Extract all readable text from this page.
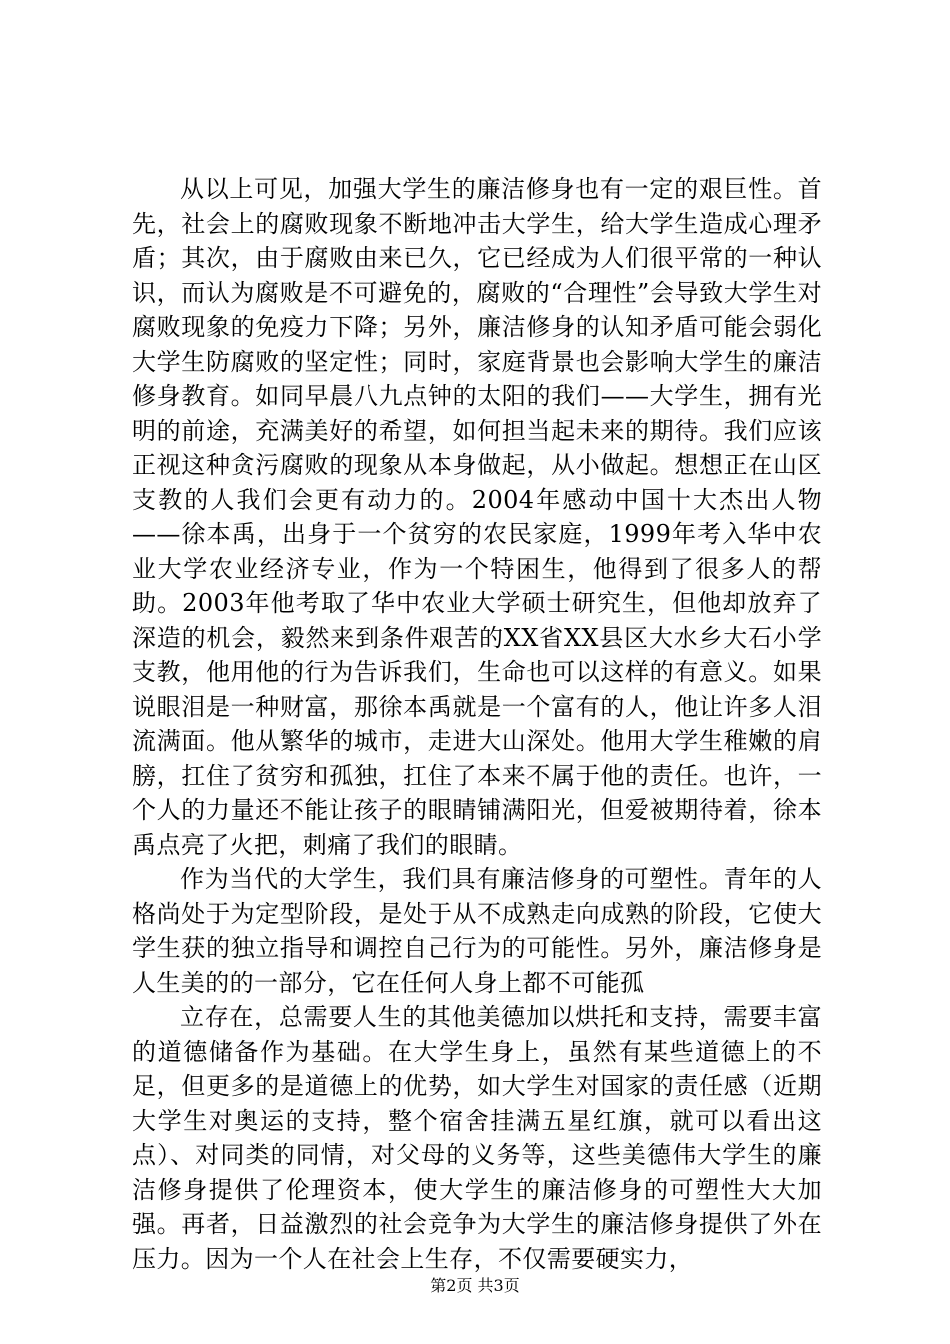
从以上可见，加强大学生的廉洁修身也有一定的艰巨性。首先，社会上的腐败现象不断地冲击大学生，给大学生造成心理矛盾；其次，由于腐败由来已久，它已经成为人们很平常的一种认识，而认为腐败是不可避免的，腐败的“合理性”会导致大学生对腐败现象的免疫力下降；另外，廉洁修身的认知矛盾可能会弱化大学生防腐败的坚定性；同时，家庭背景也会影响大学生的廉洁修身教育。如同早晨八九点钟的太阳的我们——大学生，拥有光明的前途，充满美好的希望，如何担当起未来的期待。我们应该正视这种贪污腐败的现象从本身做起，从小做起。想想正在山区支教的人我们会更有动力的。2004年感动中国十大杰出人物——徐本禹，出身于一个贫穷的农民家庭，1999年考入华中农业大学农业经济专业，作为一个特困生，他得到了很多人的帮助。2003年他考取了华中农业大学硕士研究生，但他却放弃了深造的机会，毅然来到条件艰苦的XX省XX县区大水乡大石小学支教，他用他的行为告诉我们，生命也可以这样的有意义。如果说眼泪是一种财富，那徐本禹就是一个富有的人，他让许多人泪流满面。他从繁华的城市，走进大山深处。他用大学生稚嫩的肩膀，扛住了贫穷和孤独，扛住了本来不属于他的责任。也许，一个人的力量还不能让孩子的眼睛铺满阳光，但爱被期待着，徐本禹点亮了火把，刺痛了我们的眼睛。

作为当代的大学生，我们具有廉洁修身的可塑性。青年的人格尚处于为定型阶段，是处于从不成熟走向成熟的阶段，它使大学生获的独立指导和调控自己行为的可能性。另外，廉洁修身是人生美的的一部分，它在任何人身上都不可能孤

立存在，总需要人生的其他美德加以烘托和支持，需要丰富的道德储备作为基础。在大学生身上，虽然有某些道德上的不足，但更多的是道德上的优势，如大学生对国家的责任感（近期大学生对奥运的支持，整个宿舍挂满五星红旗，就可以看出这点）、对同类的同情，对父母的义务等，这些美德伟大学生的廉洁修身提供了伦理资本，使大学生的廉洁修身的可塑性大大加强。再者，日益激烈的社会竞争为大学生的廉洁修身提供了外在压力。因为一个人在社会上生存，不仅需要硬实力，

第2页 共3页
